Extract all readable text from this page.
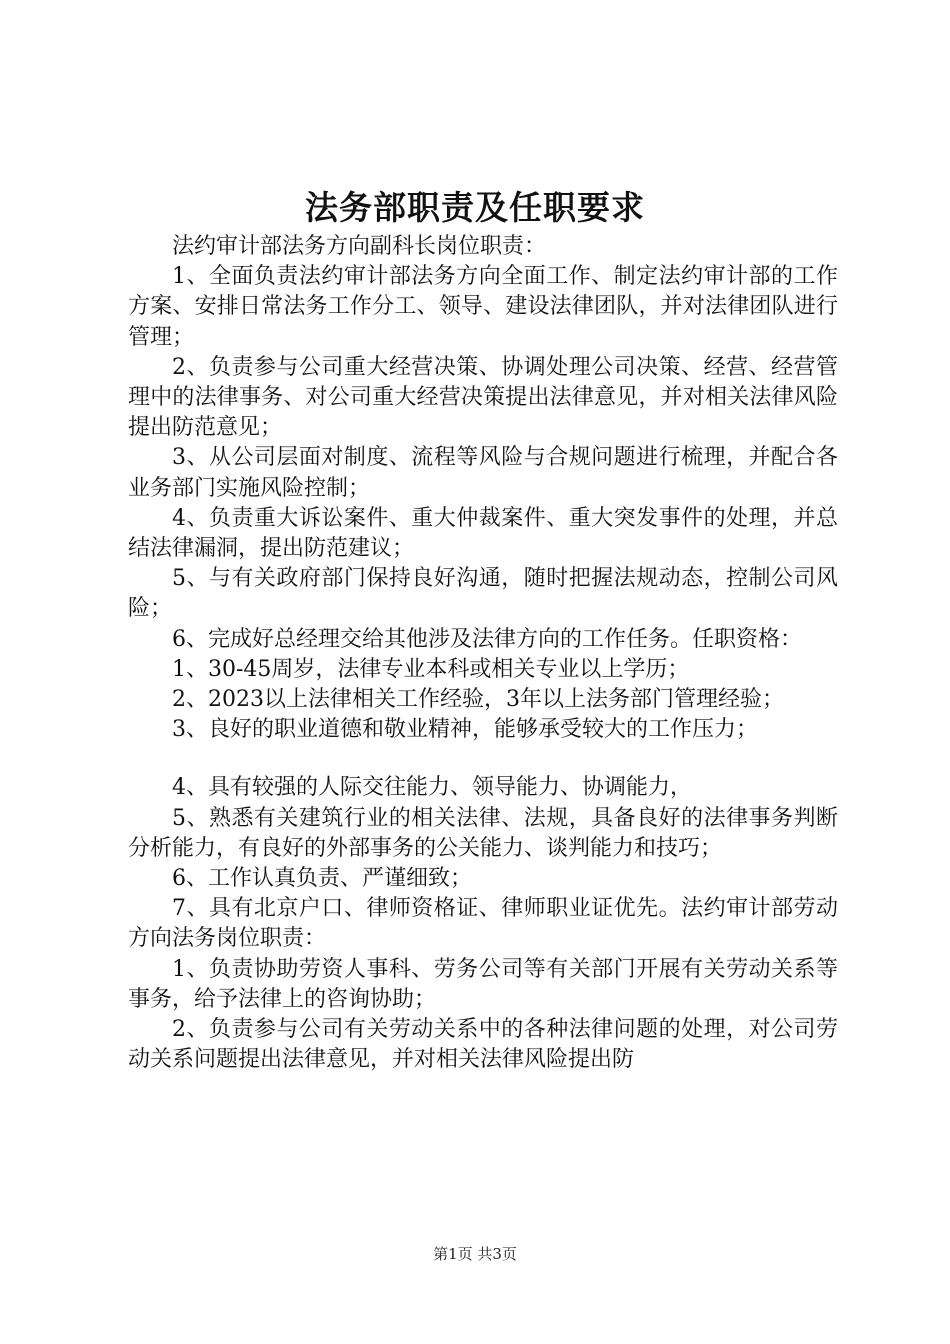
法务部职责及任职要求

法约审计部法务方向副科长岗位职责：

1、全面负责法约审计部法务方向全面工作、制定法约审计部的工作方案、安排日常法务工作分工、领导、建设法律团队，并对法律团队进行管理；

2、负责参与公司重大经营决策、协调处理公司决策、经营、经营管理中的法律事务、对公司重大经营决策提出法律意见，并对相关法律风险提出防范意见；

3、从公司层面对制度、流程等风险与合规问题进行梳理，并配合各业务部门实施风险控制；

4、负责重大诉讼案件、重大仲裁案件、重大突发事件的处理，并总结法律漏洞，提出防范建议；

5、与有关政府部门保持良好沟通，随时把握法规动态，控制公司风险；

6、完成好总经理交给其他涉及法律方向的工作任务。任职资格：

1、30-45周岁，法律专业本科或相关专业以上学历；

2、2023以上法律相关工作经验，3年以上法务部门管理经验；

3、良好的职业道德和敬业精神，能够承受较大的工作压力；

4、具有较强的人际交往能力、领导能力、协调能力，

5、熟悉有关建筑行业的相关法律、法规，具备良好的法律事务判断分析能力，有良好的外部事务的公关能力、谈判能力和技巧；

6、工作认真负责、严谨细致；

7、具有北京户口、律师资格证、律师职业证优先。法约审计部劳动方向法务岗位职责：

1、负责协助劳资人事科、劳务公司等有关部门开展有关劳动关系等事务，给予法律上的咨询协助；

2、负责参与公司有关劳动关系中的各种法律问题的处理，对公司劳动关系问题提出法律意见，并对相关法律风险提出防

第1页 共3页
